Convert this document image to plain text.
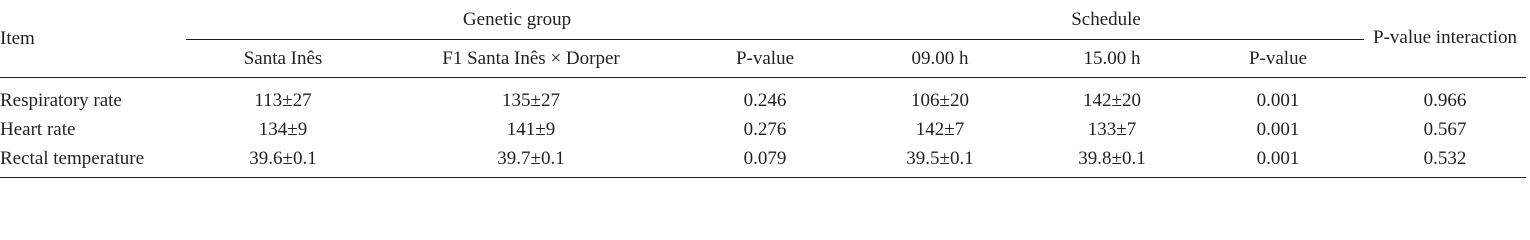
Item	Genetic group			Schedule			P-value interaction
	Santa Inês	F1 Santa Inês × Dorper	P-value	09.00 h	15.00 h	P-value	
Respiratory rate	113±27	135±27	0.246	106±20	142±20	0.001	0.966
Heart rate	134±9	141±9	0.276	142±7	133±7	0.001	0.567
Rectal temperature	39.6±0.1	39.7±0.1	0.079	39.5±0.1	39.8±0.1	0.001	0.532
